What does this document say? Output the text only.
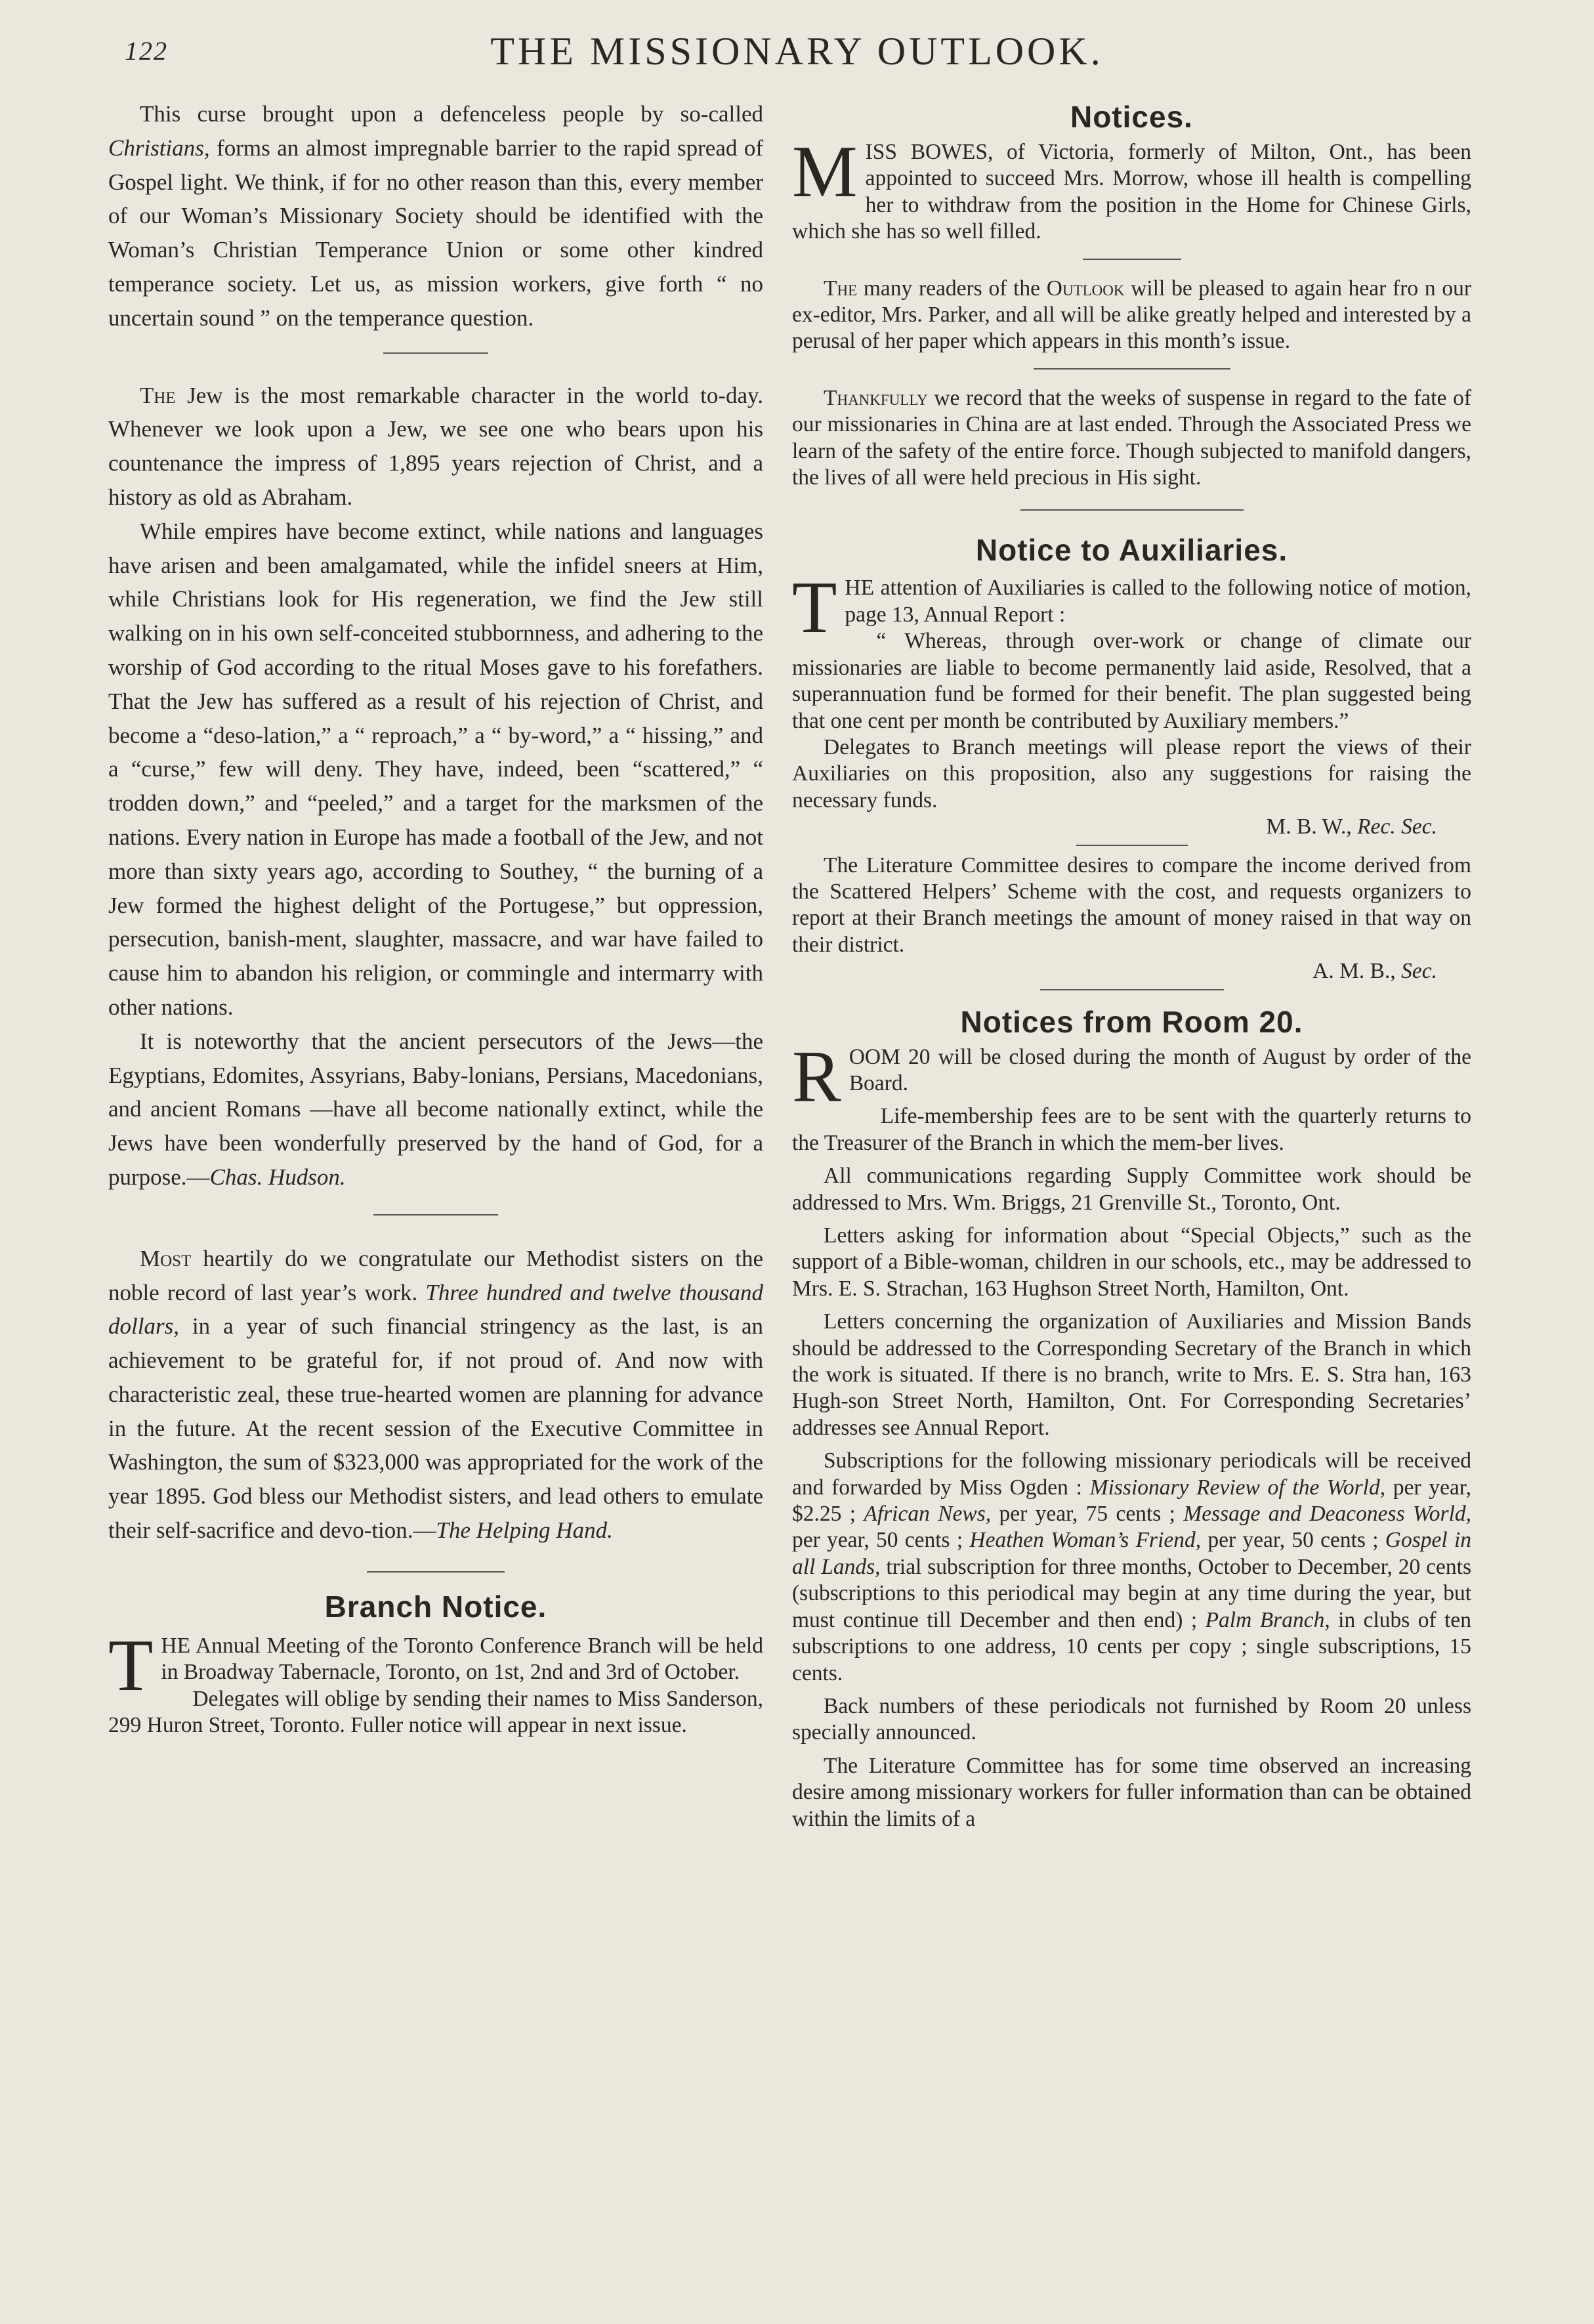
122	THE MISSIONARY OUTLOOK.

This curse brought upon a defenceless people by so-called Christians, forms an almost impregnable barrier to the rapid spread of Gospel light. We think, if for no other reason than this, every member of our Woman’s Missionary Society should be identified with the Woman’s Christian Temperance Union or some other kindred temperance society. Let us, as mission workers, give forth “ no uncertain sound ” on the temperance question.

The Jew is the most remarkable character in the world to-day. Whenever we look upon a Jew, we see one who bears upon his countenance the impress of 1,895 years rejection of Christ, and a history as old as Abraham.

While empires have become extinct, while nations and languages have arisen and been amalgamated, while the infidel sneers at Him, while Christians look for His regeneration, we find the Jew still walking on in his own self-conceited stubbornness, and adhering to the worship of God according to the ritual Moses gave to his forefathers. That the Jew has suffered as a result of his rejection of Christ, and become a “deso-lation,” a “ reproach,” a “ by-word,” a “ hissing,” and a “curse,” few will deny. They have, indeed, been “scattered,” “ trodden down,” and “peeled,” and a target for the marksmen of the nations. Every nation in Europe has made a football of the Jew, and not more than sixty years ago, according to Southey, “ the burning of a Jew formed the highest delight of the Portugese,” but oppression, persecution, banish-ment, slaughter, massacre, and war have failed to cause him to abandon his religion, or commingle and intermarry with other nations.

It is noteworthy that the ancient persecutors of the Jews—the Egyptians, Edomites, Assyrians, Baby-lonians, Persians, Macedonians, and ancient Romans —have all become nationally extinct, while the Jews have been wonderfully preserved by the hand of God, for a purpose.—Chas. Hudson.

Most heartily do we congratulate our Methodist sisters on the noble record of last year’s work. Three hundred and twelve thousand dollars, in a year of such financial stringency as the last, is an achievement to be grateful for, if not proud of. And now with characteristic zeal, these true-hearted women are planning for advance in the future. At the recent session of the Executive Committee in Washington, the sum of $323,000 was appropriated for the work of the year 1895. God bless our Methodist sisters, and lead others to emulate their self-sacrifice and devo-tion.—The Helping Hand.

Branch Notice.

THE Annual Meeting of the Toronto Conference Branch will be held in Broadway Tabernacle, Toronto, on 1st, 2nd and 3rd of October.

Delegates will oblige by sending their names to Miss Sanderson, 299 Huron Street, Toronto. Fuller notice will appear in next issue.

Notices.

MISS BOWES, of Victoria, formerly of Milton, Ont., has been appointed to succeed Mrs. Morrow, whose ill health is compelling her to withdraw from the position in the Home for Chinese Girls, which she has so well filled.

The many readers of the Outlook will be pleased to again hear fro n our ex-editor, Mrs. Parker, and all will be alike greatly helped and interested by a perusal of her paper which appears in this month’s issue.

Thankfully we record that the weeks of suspense in regard to the fate of our missionaries in China are at last ended. Through the Associated Press we learn of the safety of the entire force. Though subjected to manifold dangers, the lives of all were held precious in His sight.

Notice to Auxiliaries.

THE attention of Auxiliaries is called to the following notice of motion, page 13, Annual Report :

“ Whereas, through over-work or change of climate our missionaries are liable to become permanently laid aside, Resolved, that a superannuation fund be formed for their benefit. The plan suggested being that one cent per month be contributed by Auxiliary members.”

Delegates to Branch meetings will please report the views of their Auxiliaries on this proposition, also any suggestions for raising the necessary funds.

M. B. W., Rec. Sec.

The Literature Committee desires to compare the income derived from the Scattered Helpers’ Scheme with the cost, and requests organizers to report at their Branch meetings the amount of money raised in that way on their district.

A. M. B., Sec.

Notices from Room 20.

ROOM 20 will be closed during the month of August by order of the Board.

Life-membership fees are to be sent with the quarterly returns to the Treasurer of the Branch in which the mem-ber lives.

All communications regarding Supply Committee work should be addressed to Mrs. Wm. Briggs, 21 Grenville St., Toronto, Ont.

Letters asking for information about “Special Objects,” such as the support of a Bible-woman, children in our schools, etc., may be addressed to Mrs. E. S. Strachan, 163 Hughson Street North, Hamilton, Ont.

Letters concerning the organization of Auxiliaries and Mission Bands should be addressed to the Corresponding Secretary of the Branch in which the work is situated. If there is no branch, write to Mrs. E. S. Stra han, 163 Hugh-son Street North, Hamilton, Ont. For Corresponding Secretaries’ addresses see Annual Report.

Subscriptions for the following missionary periodicals will be received and forwarded by Miss Ogden : Missionary Review of the World, per year, $2.25 ; African News, per year, 75 cents ; Message and Deaconess World, per year, 50 cents ; Heathen Woman’s Friend, per year, 50 cents ; Gospel in all Lands, trial subscription for three months, October to December, 20 cents (subscriptions to this periodical may begin at any time during the year, but must continue till December and then end) ; Palm Branch, in clubs of ten subscriptions to one address, 10 cents per copy ; single subscriptions, 15 cents.

Back numbers of these periodicals not furnished by Room 20 unless specially announced.

The Literature Committee has for some time observed an increasing desire among missionary workers for fuller information than can be obtained within the limits of a
